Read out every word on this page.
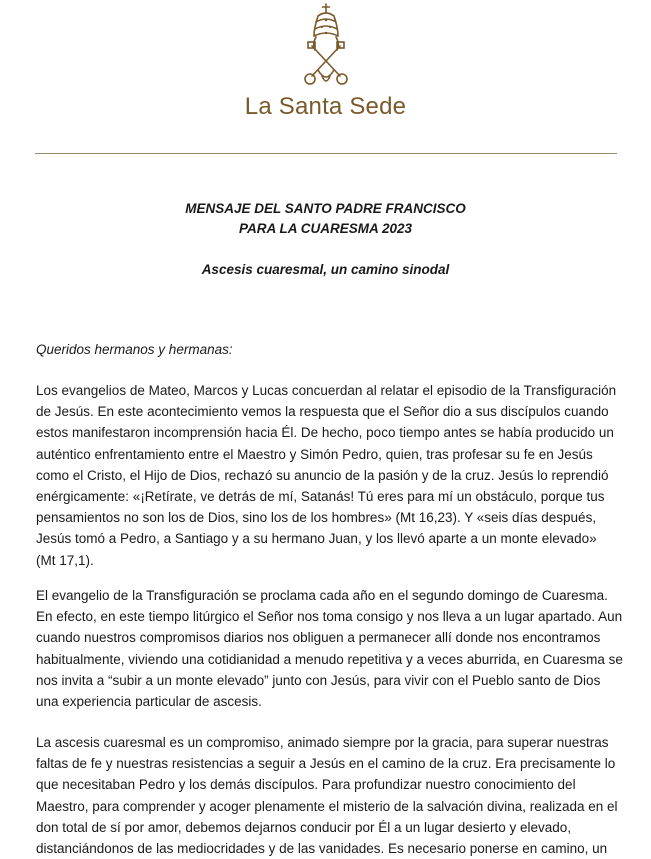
La Santa Sede
MENSAJE DEL SANTO PADRE FRANCISCO
PARA LA CUARESMA 2023
Ascesis cuaresmal, un camino sinodal
Queridos hermanos y hermanas:

Los evangelios de Mateo, Marcos y Lucas concuerdan al relatar el episodio de la Transfiguración
de Jesús. En este acontecimiento vemos la respuesta que el Señor dio a sus discípulos cuando
estos manifestaron incomprensión hacia Él. De hecho, poco tiempo antes se había producido un
auténtico enfrentamiento entre el Maestro y Simón Pedro, quien, tras profesar su fe en Jesús
como el Cristo, el Hijo de Dios, rechazó su anuncio de la pasión y de la cruz. Jesús lo reprendió
enérgicamente: «¡Retírate, ve detrás de mí, Satanás! Tú eres para mí un obstáculo, porque tus
pensamientos no son los de Dios, sino los de los hombres» (Mt 16,23). Y «seis días después,
Jesús tomó a Pedro, a Santiago y a su hermano Juan, y los llevó aparte a un monte elevado»
(Mt 17,1).

El evangelio de la Transfiguración se proclama cada año en el segundo domingo de Cuaresma.
En efecto, en este tiempo litúrgico el Señor nos toma consigo y nos lleva a un lugar apartado. Aun
cuando nuestros compromisos diarios nos obliguen a permanecer allí donde nos encontramos
habitualmente, viviendo una cotidianidad a menudo repetitiva y a veces aburrida, en Cuaresma se
nos invita a “subir a un monte elevado” junto con Jesús, para vivir con el Pueblo santo de Dios
una experiencia particular de ascesis.

La ascesis cuaresmal es un compromiso, animado siempre por la gracia, para superar nuestras
faltas de fe y nuestras resistencias a seguir a Jesús en el camino de la cruz. Era precisamente lo
que necesitaban Pedro y los demás discípulos. Para profundizar nuestro conocimiento del
Maestro, para comprender y acoger plenamente el misterio de la salvación divina, realizada en el
don total de sí por amor, debemos dejarnos conducir por Él a un lugar desierto y elevado,
distanciándonos de las mediocridades y de las vanidades. Es necesario ponerse en camino, un
